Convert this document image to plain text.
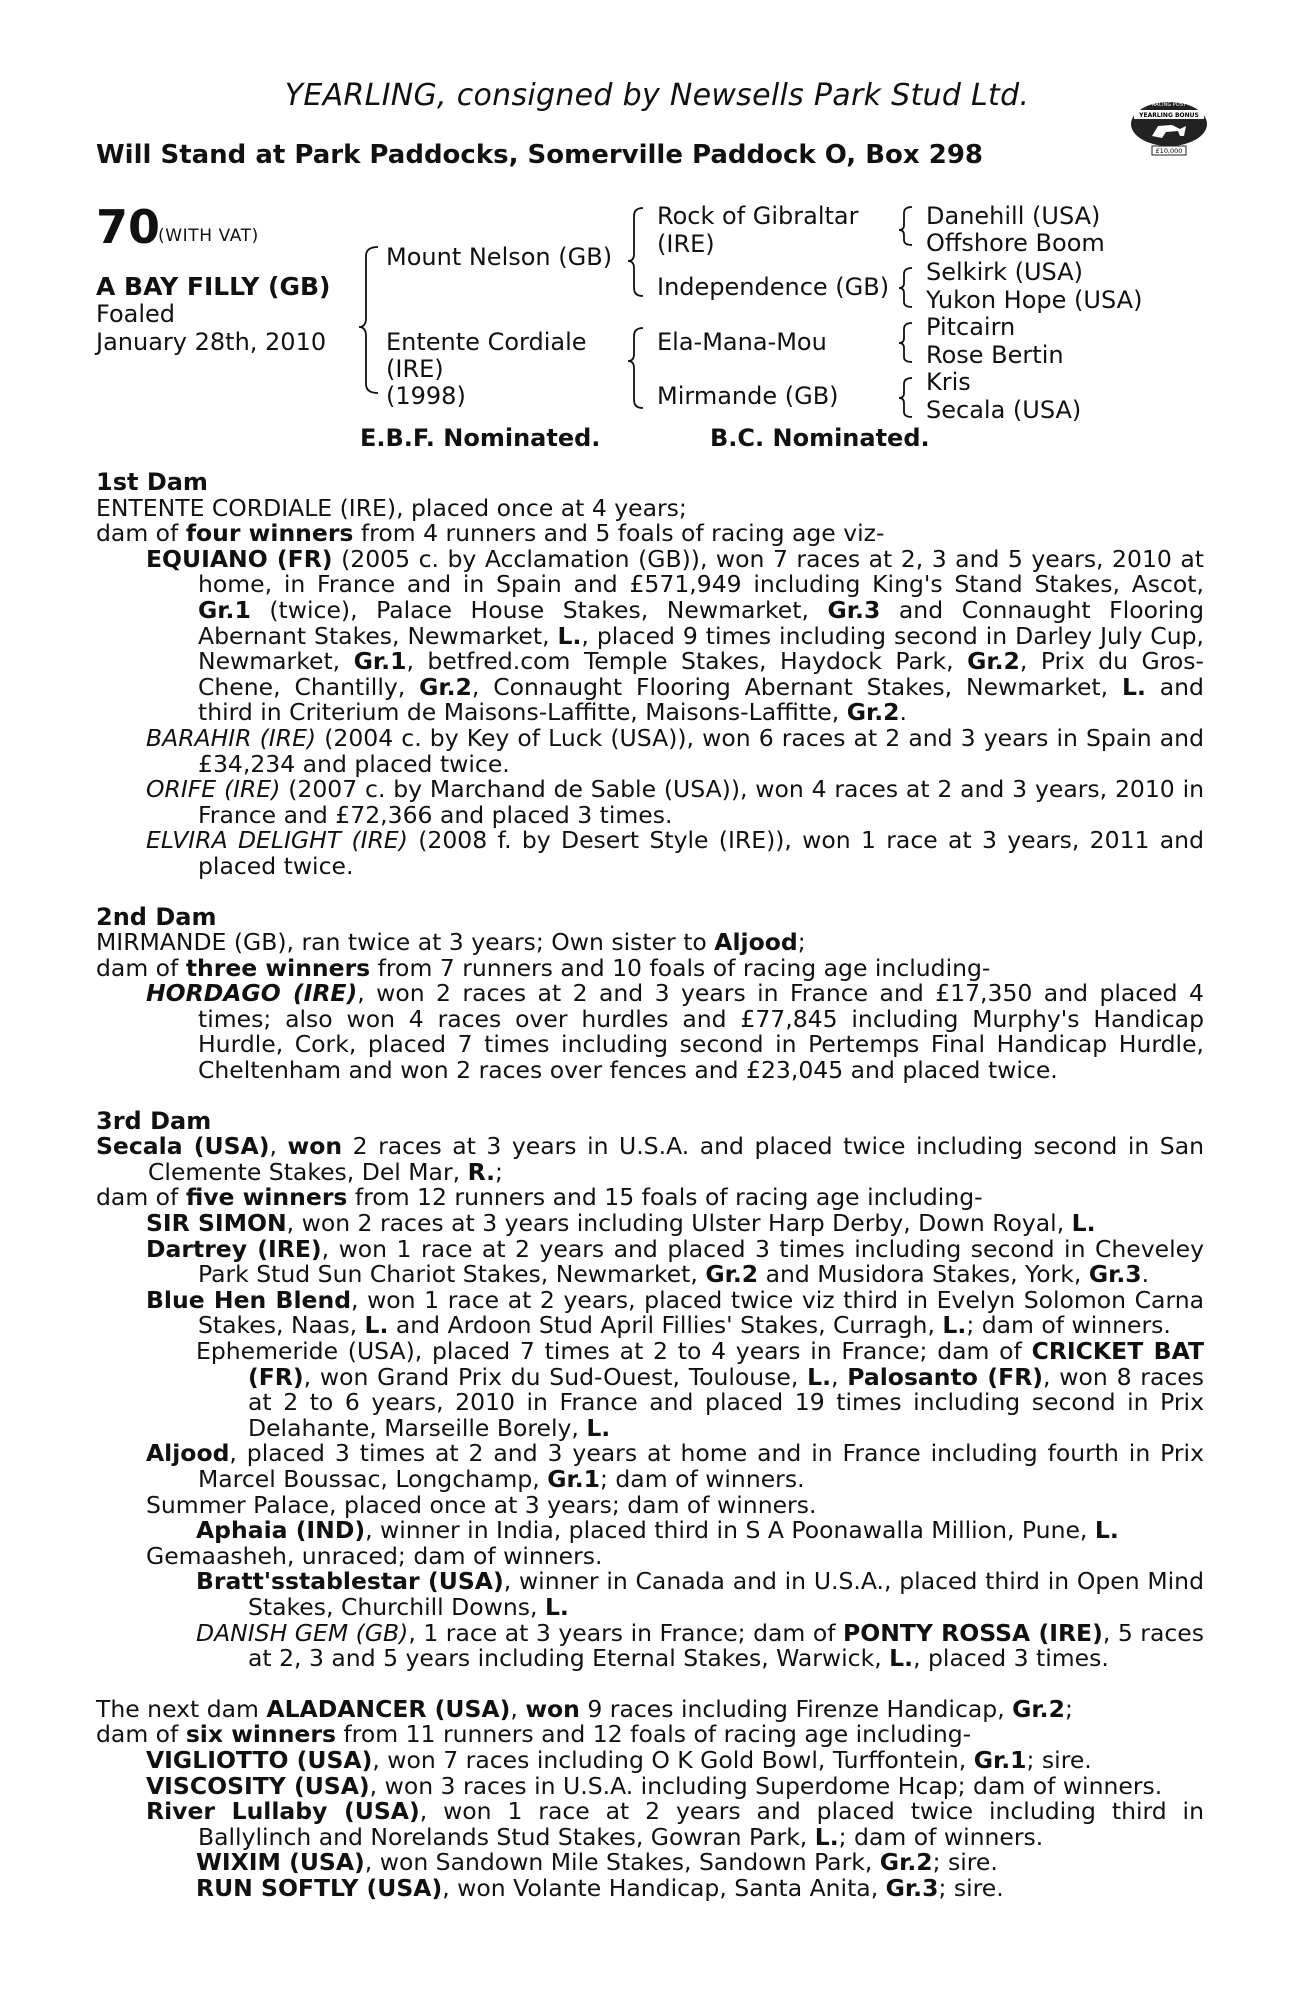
YEARLING, consigned by Newsells Park Stud Ltd.
Will Stand at Park Paddocks, Somerville Paddock O, Box 298
YEARLING BONUS
RACING POST
£10,000
70
(WITH VAT)
A BAY FILLY (GB)
Foaled
January 28th, 2010
Mount Nelson (GB)
Entente Cordiale
(IRE)
(1998)
Rock of Gibraltar
(IRE)
Independence (GB)
Ela-Mana-Mou
Mirmande (GB)
Danehill (USA)
Offshore Boom
Selkirk (USA)
Yukon Hope (USA)
Pitcairn
Rose Bertin
Kris
Secala (USA)
E.B.F. Nominated.	B.C. Nominated.

1st Dam

ENTENTE CORDIALE (IRE), placed once at 4 years;

dam of four winners from 4 runners and 5 foals of racing age viz-

EQUIANO (FR) (2005 c. by Acclamation (GB)), won 7 races at 2, 3 and 5 years, 2010 at home, in France and in Spain and £571,949 including King's Stand Stakes, Ascot, Gr.1 (twice), Palace House Stakes, Newmarket, Gr.3 and Connaught Flooring Abernant Stakes, Newmarket, L., placed 9 times including second in Darley July Cup, Newmarket, Gr.1, betfred.com Temple Stakes, Haydock Park, Gr.2, Prix du Gros-Chene, Chantilly, Gr.2, Connaught Flooring Abernant Stakes, Newmarket, L. and third in Criterium de Maisons-Laffitte, Maisons-Laffitte, Gr.2.

BARAHIR (IRE) (2004 c. by Key of Luck (USA)), won 6 races at 2 and 3 years in Spain and £34,234 and placed twice.

ORIFE (IRE) (2007 c. by Marchand de Sable (USA)), won 4 races at 2 and 3 years, 2010 in France and £72,366 and placed 3 times.

ELVIRA DELIGHT (IRE) (2008 f. by Desert Style (IRE)), won 1 race at 3 years, 2011 and placed twice.

2nd Dam

MIRMANDE (GB), ran twice at 3 years; Own sister to Aljood;

dam of three winners from 7 runners and 10 foals of racing age including-

HORDAGO (IRE), won 2 races at 2 and 3 years in France and £17,350 and placed 4 times; also won 4 races over hurdles and £77,845 including Murphy's Handicap Hurdle, Cork, placed 7 times including second in Pertemps Final Handicap Hurdle, Cheltenham and won 2 races over fences and £23,045 and placed twice.

3rd Dam

Secala (USA), won 2 races at 3 years in U.S.A. and placed twice including second in San Clemente Stakes, Del Mar, R.;

dam of five winners from 12 runners and 15 foals of racing age including-

SIR SIMON, won 2 races at 3 years including Ulster Harp Derby, Down Royal, L.

Dartrey (IRE), won 1 race at 2 years and placed 3 times including second in Cheveley Park Stud Sun Chariot Stakes, Newmarket, Gr.2 and Musidora Stakes, York, Gr.3.

Blue Hen Blend, won 1 race at 2 years, placed twice viz third in Evelyn Solomon Carna Stakes, Naas, L. and Ardoon Stud April Fillies' Stakes, Curragh, L.; dam of winners.

Ephemeride (USA), placed 7 times at 2 to 4 years in France; dam of CRICKET BAT (FR), won Grand Prix du Sud-Ouest, Toulouse, L., Palosanto (FR), won 8 races at 2 to 6 years, 2010 in France and placed 19 times including second in Prix Delahante, Marseille Borely, L.

Aljood, placed 3 times at 2 and 3 years at home and in France including fourth in Prix Marcel Boussac, Longchamp, Gr.1; dam of winners.

Summer Palace, placed once at 3 years; dam of winners.

Aphaia (IND), winner in India, placed third in S A Poonawalla Million, Pune, L.

Gemaasheh, unraced; dam of winners.

Bratt'sstablestar (USA), winner in Canada and in U.S.A., placed third in Open Mind Stakes, Churchill Downs, L.

DANISH GEM (GB), 1 race at 3 years in France; dam of PONTY ROSSA (IRE), 5 races at 2, 3 and 5 years including Eternal Stakes, Warwick, L., placed 3 times.

The next dam ALADANCER (USA), won 9 races including Firenze Handicap, Gr.2;

dam of six winners from 11 runners and 12 foals of racing age including-

VIGLIOTTO (USA), won 7 races including O K Gold Bowl, Turffontein, Gr.1; sire.

VISCOSITY (USA), won 3 races in U.S.A. including Superdome Hcap; dam of winners.

River Lullaby (USA), won 1 race at 2 years and placed twice including third in Ballylinch and Norelands Stud Stakes, Gowran Park, L.; dam of winners.

WIXIM (USA), won Sandown Mile Stakes, Sandown Park, Gr.2; sire.

RUN SOFTLY (USA), won Volante Handicap, Santa Anita, Gr.3; sire.
